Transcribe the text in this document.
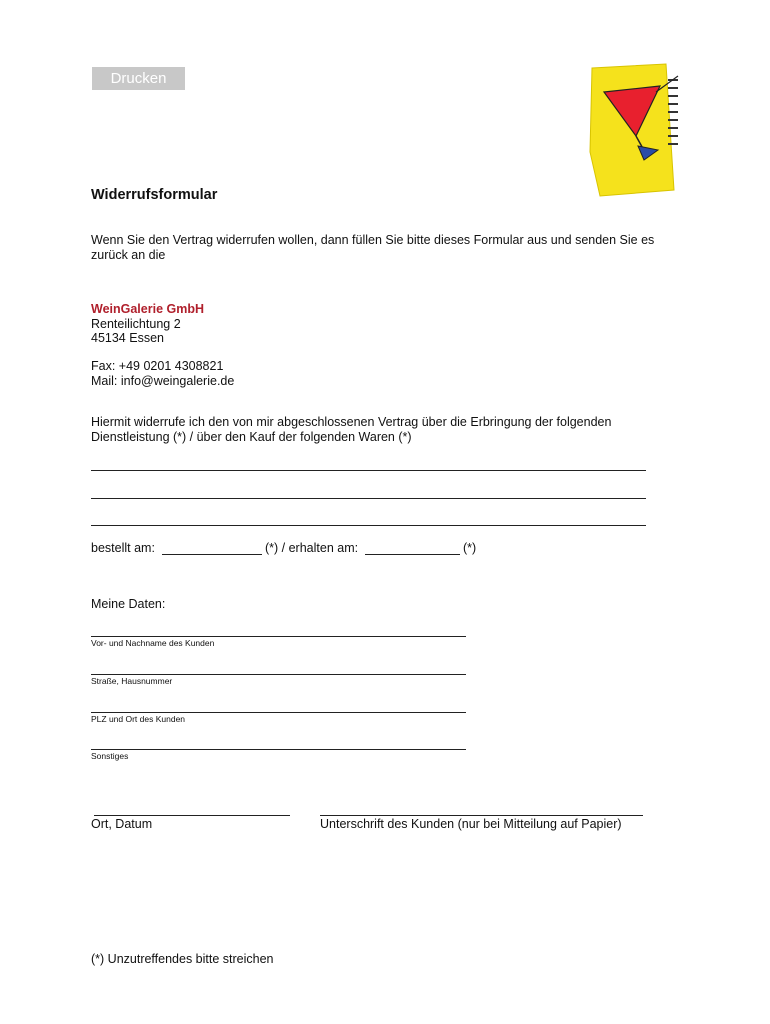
Drucken
Widerrufsformular
Wenn Sie den Vertrag widerrufen wollen, dann füllen Sie bitte dieses Formular aus und senden Sie es
zurück an die
WeinGalerie GmbH
Renteilichtung 2
45134 Essen
Fax: +49 0201 4308821
Mail: info@weingalerie.de
Hiermit widerrufe ich den von mir abgeschlossenen Vertrag über die Erbringung der folgenden
Dienstleistung (*) / über den Kauf der folgenden Waren (*)
bestellt am:	(*) / erhalten am:	(*)
Meine Daten:
Vor- und Nachname des Kunden
Straße, Hausnummer
PLZ und Ort des Kunden
Sonstiges
Ort, Datum	Unterschrift des Kunden (nur bei Mitteilung auf Papier)
(*) Unzutreffendes bitte streichen
